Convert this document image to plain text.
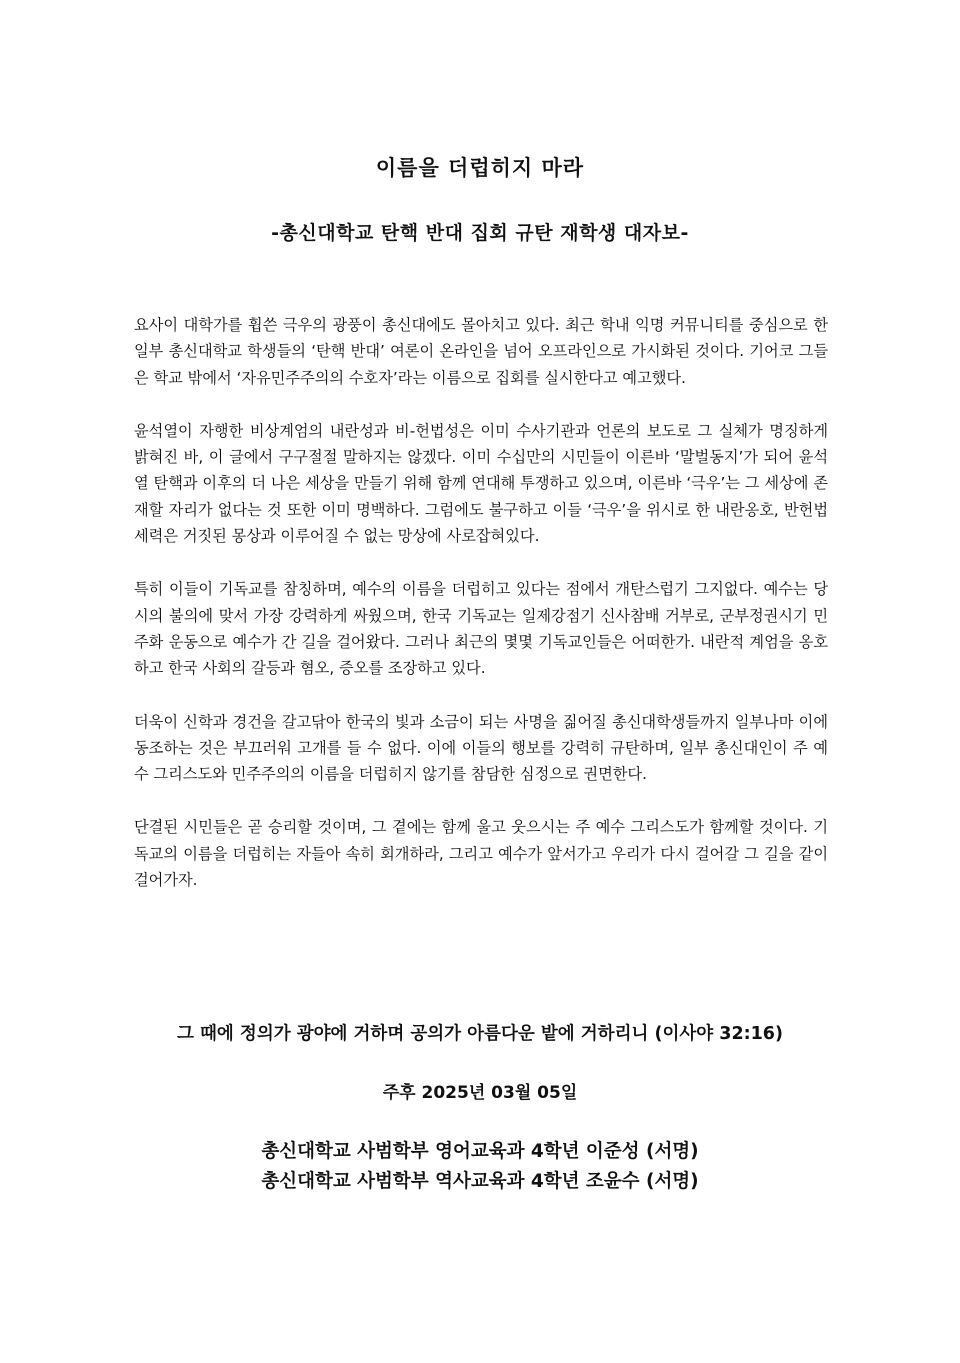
이름을 더럽히지 마라
-총신대학교 탄핵 반대 집회 규탄 재학생 대자보-

요사이 대학가를 휩쓴 극우의 광풍이 총신대에도 몰아치고 있다. 최근 학내 익명 커뮤니티를 중심으로 한 일부 총신대학교 학생들의 ‘탄핵 반대’ 여론이 온라인을 넘어 오프라인으로 가시화된 것이다. 기어코 그들은 학교 밖에서 ‘자유민주주의의 수호자’라는 이름으로 집회를 실시한다고 예고했다.

윤석열이 자행한 비상계엄의 내란성과 비-헌법성은 이미 수사기관과 언론의 보도로 그 실체가 명징하게 밝혀진 바, 이 글에서 구구절절 말하지는 않겠다. 이미 수십만의 시민들이 이른바 ‘말벌동지’가 되어 윤석열 탄핵과 이후의 더 나은 세상을 만들기 위해 함께 연대해 투쟁하고 있으며, 이른바 ‘극우’는 그 세상에 존재할 자리가 없다는 것 또한 이미 명백하다. 그럼에도 불구하고 이들 ‘극우’을 위시로 한 내란옹호, 반헌법 세력은 거짓된 몽상과 이루어질 수 없는 망상에 사로잡혀있다.

특히 이들이 기독교를 참칭하며, 예수의 이름을 더럽히고 있다는 점에서 개탄스럽기 그지없다. 예수는 당시의 불의에 맞서 가장 강력하게 싸웠으며, 한국 기독교는 일제강점기 신사참배 거부로, 군부정권시기 민주화 운동으로 예수가 간 길을 걸어왔다. 그러나 최근의 몇몇 기독교인들은 어떠한가. 내란적 계엄을 옹호하고 한국 사회의 갈등과 혐오, 증오를 조장하고 있다.

더욱이 신학과 경건을 갈고닦아 한국의 빛과 소금이 되는 사명을 짊어질 총신대학생들까지 일부나마 이에 동조하는 것은 부끄러워 고개를 들 수 없다. 이에 이들의 행보를 강력히 규탄하며, 일부 총신대인이 주 예수 그리스도와 민주주의의 이름을 더럽히지 않기를 참담한 심정으로 권면한다.

단결된 시민들은 곧 승리할 것이며, 그 곁에는 함께 울고 웃으시는 주 예수 그리스도가 함께할 것이다. 기독교의 이름을 더럽히는 자들아 속히 회개하라, 그리고 예수가 앞서가고 우리가 다시 걸어갈 그 길을 같이 걸어가자.

그 때에 정의가 광야에 거하며 공의가 아름다운 밭에 거하리니 (이사야 32:16)

주후 2025년 03월 05일

총신대학교 사범학부 영어교육과 4학년 이준성 (서명)
총신대학교 사범학부 역사교육과 4학년 조윤수 (서명)
